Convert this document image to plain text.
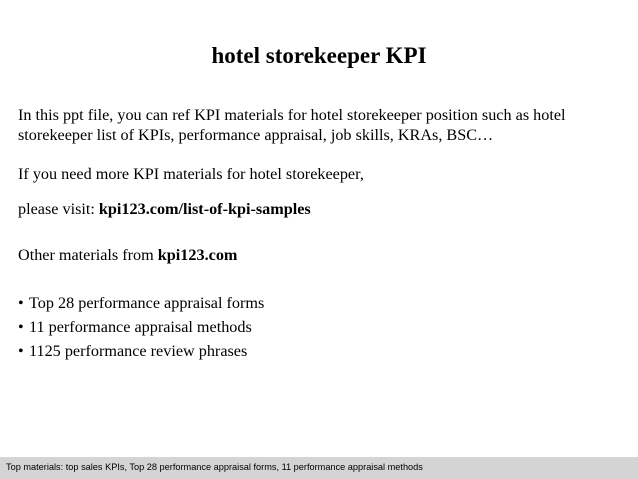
hotel storekeeper KPI

In this ppt file, you can ref KPI materials for hotel storekeeper position such as hotel
storekeeper list of KPIs, performance appraisal, job skills, KRAs, BSC…

If you need more KPI materials for hotel storekeeper,

please visit: kpi123.com/list-of-kpi-samples

Other materials from kpi123.com

• Top 28 performance appraisal forms
• 11 performance appraisal methods
• 1125 performance review phrases
Top materials: top sales KPIs, Top 28 performance appraisal forms, 11 performance appraisal methods
